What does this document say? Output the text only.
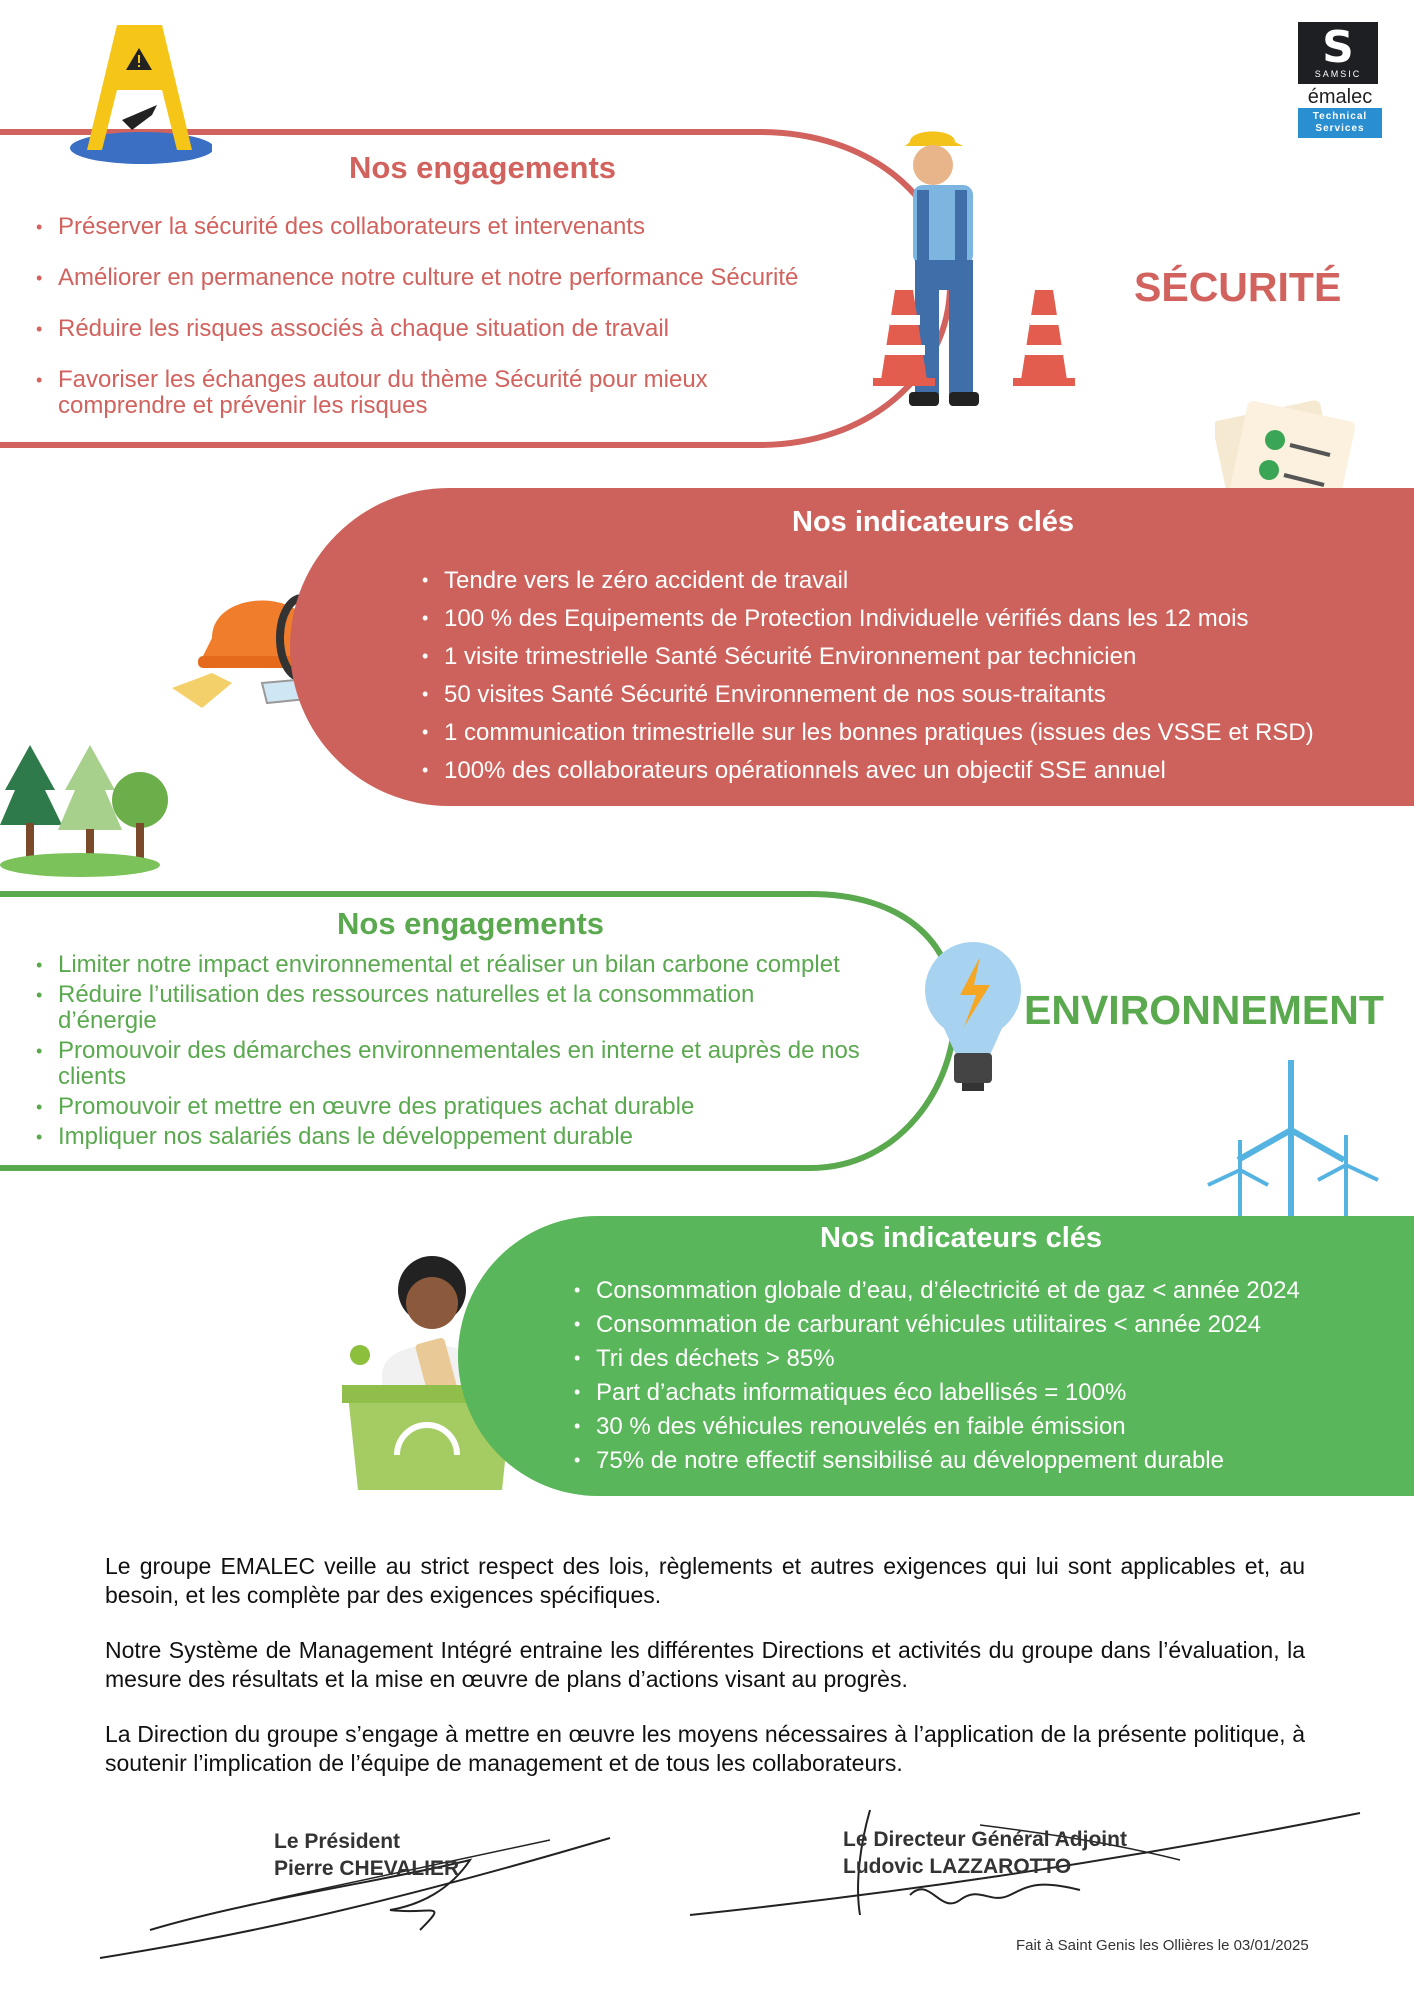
S
SAMSIC
émalec
Technical
Services
Nos engagements
• Préserver la sécurité des collaborateurs et intervenants
• Améliorer en permanence notre culture et notre performance Sécurité
• Réduire les risques associés à chaque situation de travail
• Favoriser les échanges autour du thème Sécurité pour mieux comprendre et prévenir les risques
SÉCURITÉ
Nos indicateurs clés
• Tendre vers le zéro accident de travail
• 100 % des Equipements de Protection Individuelle vérifiés dans les 12 mois
• 1 visite trimestrielle Santé Sécurité Environnement par technicien
• 50 visites Santé Sécurité Environnement de nos sous-traitants
• 1 communication trimestrielle sur les bonnes pratiques (issues des VSSE et RSD)
• 100% des collaborateurs opérationnels avec un objectif SSE annuel
Nos engagements
• Limiter notre impact environnemental et réaliser un bilan carbone complet
• Réduire l’utilisation des ressources naturelles et la consommation d’énergie
• Promouvoir des démarches environnementales en interne et auprès de nos clients
• Promouvoir et mettre en œuvre des pratiques achat durable
• Impliquer nos salariés dans le développement durable
ENVIRONNEMENT
Nos indicateurs clés
• Consommation globale d’eau, d’électricité et de gaz < année 2024
• Consommation de carburant véhicules utilitaires < année 2024
• Tri des déchets > 85%
• Part d’achats informatiques éco labellisés = 100%
• 30 % des véhicules renouvelés en faible émission
• 75% de notre effectif sensibilisé au développement durable

Le groupe EMALEC veille au strict respect des lois, règlements et autres exigences qui lui sont applicables et, au besoin, et les complète par des exigences spécifiques.

Notre Système de Management Intégré entraine les différentes Directions et activités du groupe dans l’évaluation, la mesure des résultats et la mise en œuvre de plans d’actions visant au progrès.

La Direction du groupe s’engage à mettre en œuvre les moyens nécessaires à l’application de la présente politique, à soutenir l’implication de l’équipe de management et de tous les collaborateurs.

Le Président
Pierre CHEVALIER
Le Directeur Général Adjoint
Ludovic LAZZAROTTO
Fait à Saint Genis les Ollières le 03/01/2025
